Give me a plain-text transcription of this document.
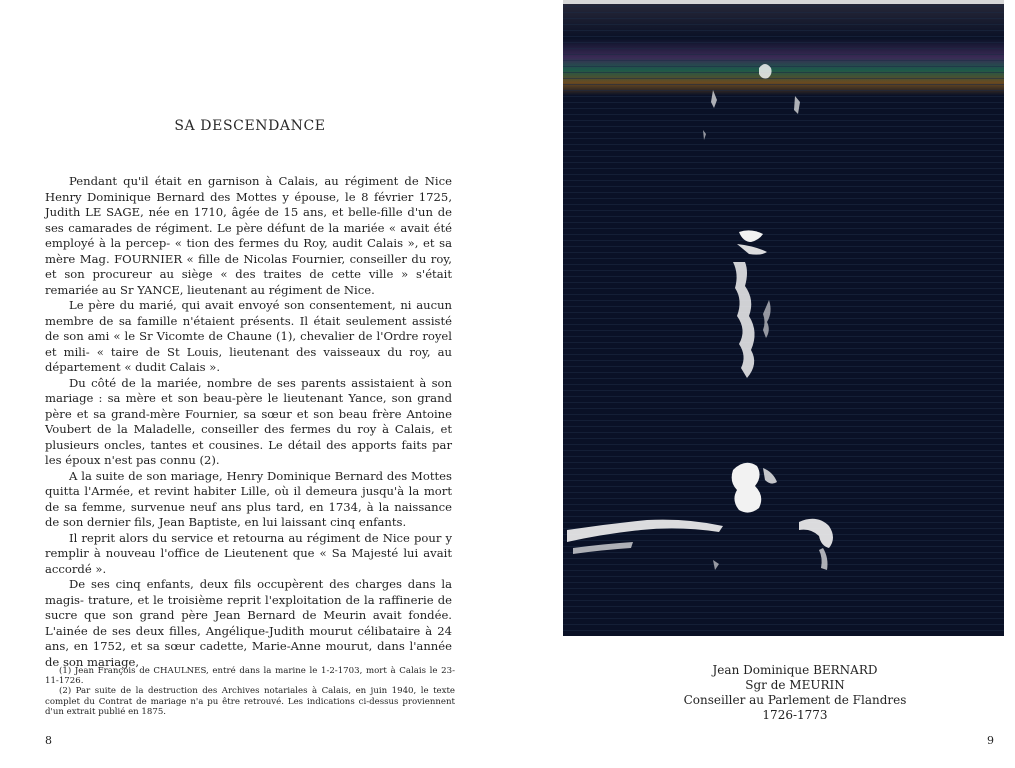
SA DESCENDANCE

Pendant qu'il était en garnison à Calais, au régiment de Nice Henry Dominique Bernard des Mottes y épouse, le 8 février 1725, Judith LE SAGE, née en 1710, âgée de 15 ans, et belle-fille d'un de ses camarades de régiment. Le père défunt de la mariée « avait été employé à la percep- « tion des fermes du Roy, audit Calais », et sa mère Mag. FOURNIER « fille de Nicolas Fournier, conseiller du roy, et son procureur au siège « des traites de cette ville » s'était remariée au Sr YANCE, lieutenant au régiment de Nice.

Le père du marié, qui avait envoyé son consentement, ni aucun membre de sa famille n'étaient présents. Il était seulement assisté de son ami « le Sr Vicomte de Chaune (1), chevalier de l'Ordre royel et mili- « taire de St Louis, lieutenant des vaisseaux du roy, au département « dudit Calais ».

Du côté de la mariée, nombre de ses parents assistaient à son mariage : sa mère et son beau-père le lieutenant Yance, son grand père et sa grand-mère Fournier, sa sœur et son beau frère Antoine Voubert de la Maladelle, conseiller des fermes du roy à Calais, et plusieurs oncles, tantes et cousines. Le détail des apports faits par les époux n'est pas connu (2).

A la suite de son mariage, Henry Dominique Bernard des Mottes quitta l'Armée, et revint habiter Lille, où il demeura jusqu'à la mort de sa femme, survenue neuf ans plus tard, en 1734, à la naissance de son dernier fils, Jean Baptiste, en lui laissant cinq enfants.

Il reprit alors du service et retourna au régiment de Nice pour y remplir à nouveau l'office de Lieutenent que « Sa Majesté lui avait accordé ».

De ses cinq enfants, deux fils occupèrent des charges dans la magis- trature, et le troisième reprit l'exploitation de la raffinerie de sucre que son grand père Jean Bernard de Meurin avait fondée. L'ainée de ses deux filles, Angélique-Judith mourut célibataire à 24 ans, en 1752, et sa sœur cadette, Marie-Anne mourut, dans l'année de son mariage,

(1) Jean François de CHAULNES, entré dans la marine le 1-2-1703, mort à Calais le 23-11-1726.

(2) Par suite de la destruction des Archives notariales à Calais, en juin 1940, le texte complet du Contrat de mariage n'a pu être retrouvé. Les indications ci-dessus proviennent d'un extrait publié en 1875.

8
Jean Dominique BERNARD
Sgr de MEURIN
Conseiller au Parlement de Flandres
1726-1773
9
